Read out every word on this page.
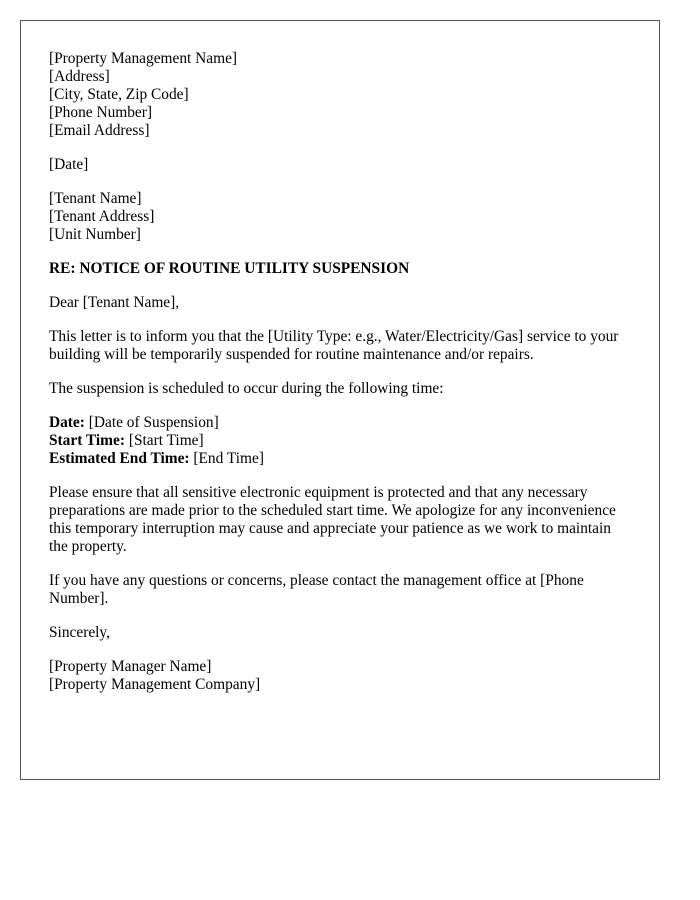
[Property Management Name]
[Address]
[City, State, Zip Code]
[Phone Number]
[Email Address]
[Date]
[Tenant Name]
[Tenant Address]
[Unit Number]
RE: NOTICE OF ROUTINE UTILITY SUSPENSION

Dear [Tenant Name],

This letter is to inform you that the [Utility Type: e.g., Water/Electricity/Gas] service to your building will be temporarily suspended for routine maintenance and/or repairs.

The suspension is scheduled to occur during the following time:

Date: [Date of Suspension]
Start Time: [Start Time]
Estimated End Time: [End Time]

Please ensure that all sensitive electronic equipment is protected and that any necessary preparations are made prior to the scheduled start time. We apologize for any inconvenience this temporary interruption may cause and appreciate your patience as we work to maintain the property.

If you have any questions or concerns, please contact the management office at [Phone Number].

Sincerely,

[Property Manager Name]
[Property Management Company]
